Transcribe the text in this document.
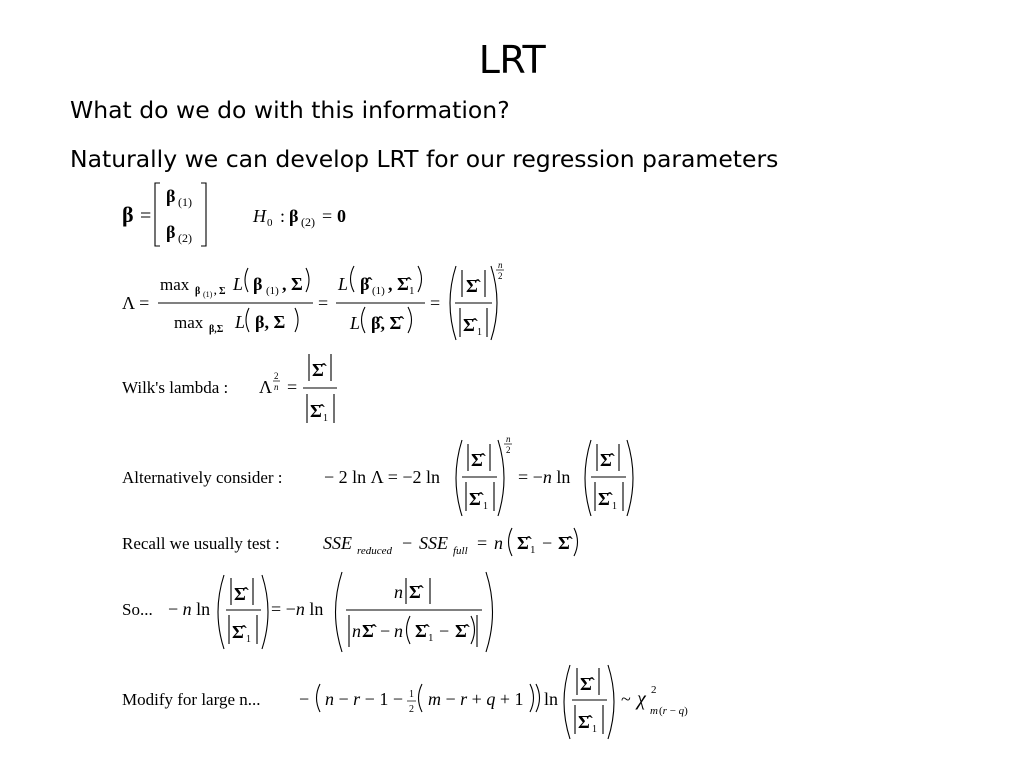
LRT
What do we do with this information?
Naturally we can develop LRT for our regression parameters
β =
β (1)
β (2)
H 0 : β (2) = 0
Λ =
max β (1) , Σ L β (1) , Σ
max β,Σ L β, Σ
=
L β̂ (1) , Σ̂ 1
L β̂, Σ̂
=
Σ̂
Σ̂ 1
n
2
Wilk's lambda : Λ
2
n =
Σ̂
Σ̂ 1
Alternatively consider : − 2 ln Λ = −2 ln
Σ̂
Σ̂ 1
n
2
= −n ln
Σ̂
Σ̂ 1
Recall we usually test : SSE reduced − SSE full = n Σ̂ 1 − Σ̂
So... − n ln
Σ̂
Σ̂ 1
= −n ln
n Σ̂
n Σ̂ − n Σ̂ 1 − Σ̂
Modify for large n... − n − r − 1 − 1
2
m − r + q + 1 ln
Σ̂
Σ̂ 1
~ χ 2
m (r − q)
